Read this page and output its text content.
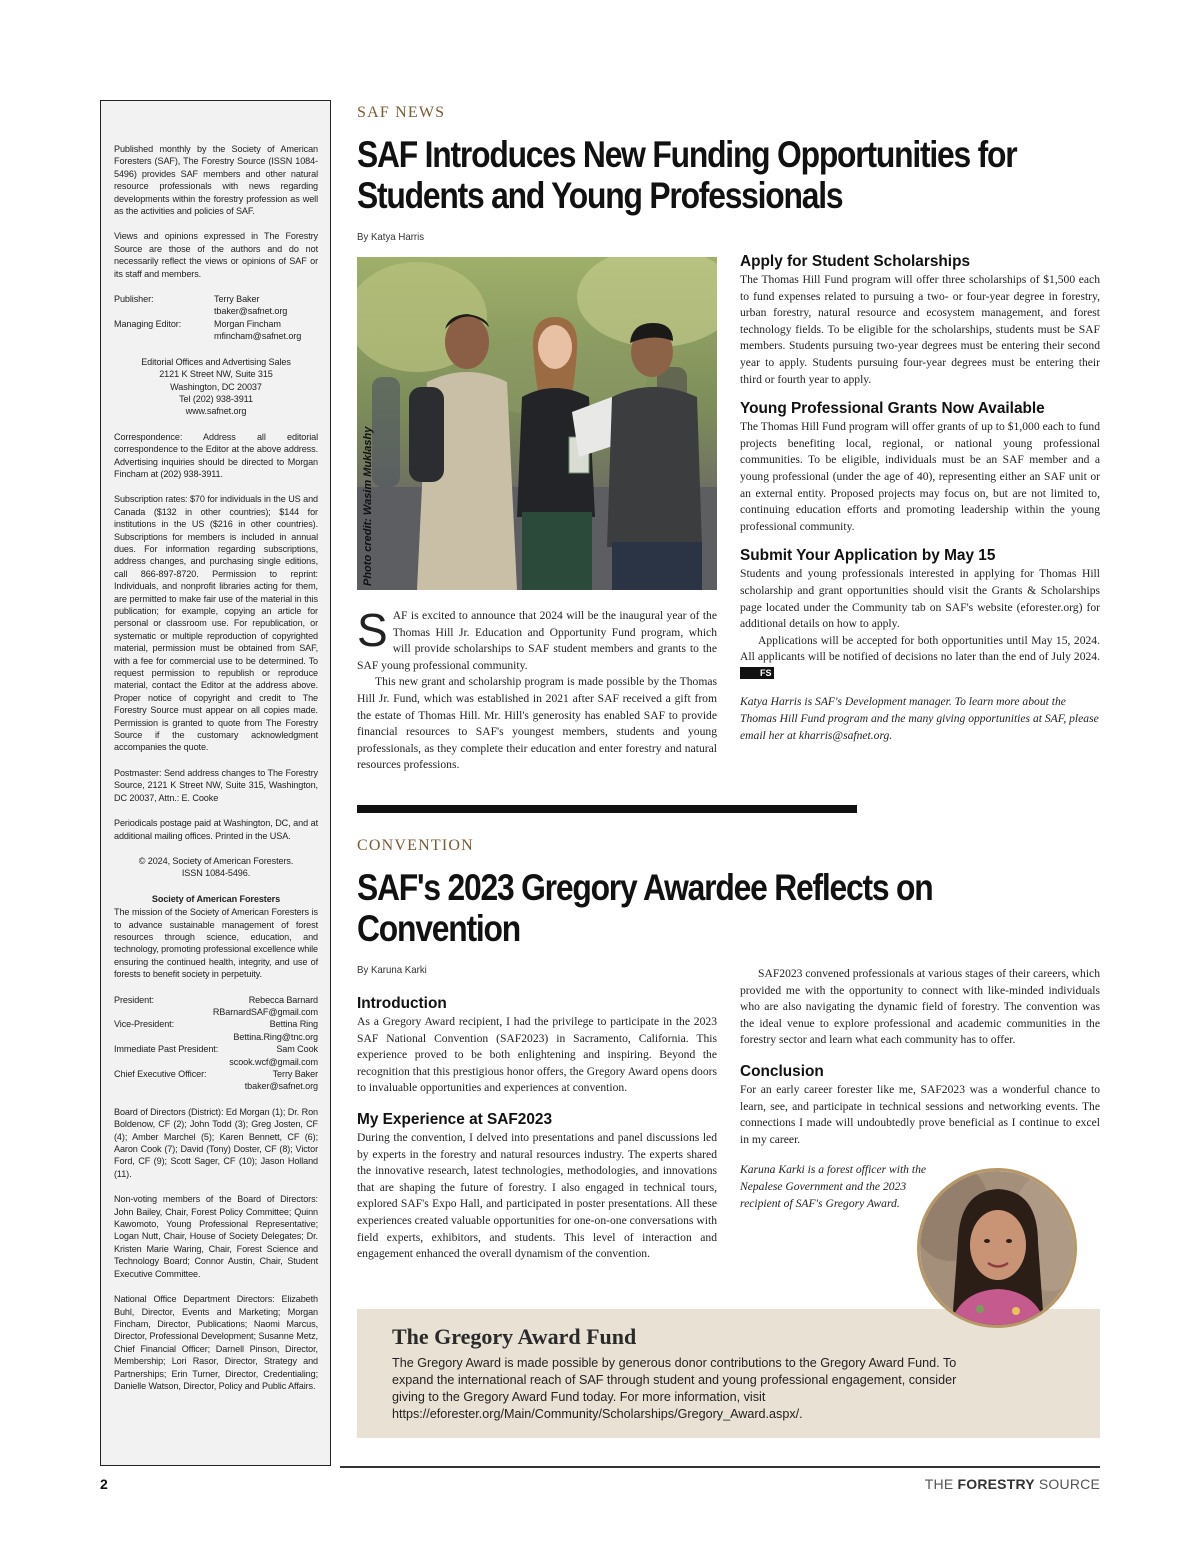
Published monthly by the Society of American Foresters (SAF), The Forestry Source (ISSN 1084-5496) provides SAF members and other natural resource professionals with news regarding developments within the forestry profession as well as the activities and policies of SAF.

Views and opinions expressed in The Forestry Source are those of the authors and do not necessarily reflect the views or opinions of SAF or its staff and members.

Publisher:	Terry Baker
tbaker@safnet.org
Managing Editor:	Morgan Fincham
mfincham@safnet.org
Editorial Offices and Advertising Sales
2121 K Street NW, Suite 315
Washington, DC 20037
Tel (202) 938-3911
www.safnet.org

Correspondence: Address all editorial correspondence to the Editor at the above address. Advertising inquiries should be directed to Morgan Fincham at (202) 938-3911.

Subscription rates: $70 for individuals in the US and Canada ($132 in other countries); $144 for institutions in the US ($216 in other countries). Subscriptions for members is included in annual dues. For information regarding subscriptions, address changes, and purchasing single editions, call 866-897-8720. Permission to reprint: Individuals, and nonprofit libraries acting for them, are permitted to make fair use of the material in this publication; for example, copying an article for personal or classroom use. For republication, or systematic or multiple reproduction of copyrighted material, permission must be obtained from SAF, with a fee for commercial use to be determined. To request permission to republish or reproduce material, contact the Editor at the address above. Proper notice of copyright and credit to The Forestry Source must appear on all copies made. Permission is granted to quote from The Forestry Source if the customary acknowledgment accompanies the quote.

Postmaster: Send address changes to The Forestry Source, 2121 K Street NW, Suite 315, Washington, DC 20037, Attn.: E. Cooke

Periodicals postage paid at Washington, DC, and at additional mailing offices. Printed in the USA.

© 2024, Society of American Foresters.
ISSN 1084-5496.
Society of American Foresters

The mission of the Society of American Foresters is to advance sustainable management of forest resources through science, education, and technology, promoting professional excellence while ensuring the continued health, integrity, and use of forests to benefit society in perpetuity.

President:	Rebecca Barnard
RBarnardSAF@gmail.com
Vice-President:	Bettina Ring
Bettina.Ring@tnc.org
Immediate Past President:	Sam Cook
scook.wcf@gmail.com
Chief Executive Officer:	Terry Baker
tbaker@safnet.org

Board of Directors (District): Ed Morgan (1); Dr. Ron Boldenow, CF (2); John Todd (3); Greg Josten, CF (4); Amber Marchel (5); Karen Bennett, CF (6); Aaron Cook (7); David (Tony) Doster, CF (8); Victor Ford, CF (9); Scott Sager, CF (10); Jason Holland (11).

Non-voting members of the Board of Directors: John Bailey, Chair, Forest Policy Committee; Quinn Kawomoto, Young Professional Representative; Logan Nutt, Chair, House of Society Delegates; Dr. Kristen Marie Waring, Chair, Forest Science and Technology Board; Connor Austin, Chair, Student Executive Committee.

National Office Department Directors: Elizabeth Buhl, Director, Events and Marketing; Morgan Fincham, Director, Publications; Naomi Marcus, Director, Professional Development; Susanne Metz, Chief Financial Officer; Darnell Pinson, Director, Membership; Lori Rasor, Director, Strategy and Partnerships; Erin Turner, Director, Credentialing; Danielle Watson, Director, Policy and Public Affairs.

SAF NEWS
SAF Introduces New Funding Opportunities for Students and Young Professionals
By Katya Harris
Photo credit: Wasim Muklashy

SAF is excited to announce that 2024 will be the inaugural year of the Thomas Hill Jr. Education and Opportunity Fund program, which will provide scholarships to SAF student members and grants to the SAF young professional community.

This new grant and scholarship program is made possible by the Thomas Hill Jr. Fund, which was established in 2021 after SAF received a gift from the estate of Thomas Hill. Mr. Hill's generosity has enabled SAF to provide financial resources to SAF's youngest members, students and young professionals, as they complete their education and enter forestry and natural resources professions.

Apply for Student Scholarships

The Thomas Hill Fund program will offer three scholarships of $1,500 each to fund expenses related to pursuing a two- or four-year degree in forestry, urban forestry, natural resource and ecosystem management, and forest technology fields. To be eligible for the scholarships, students must be SAF members. Students pursuing two-year degrees must be entering their second year to apply. Students pursuing four-year degrees must be entering their third or fourth year to apply.

Young Professional Grants Now Available

The Thomas Hill Fund program will offer grants of up to $1,000 each to fund projects benefiting local, regional, or national young professional communities. To be eligible, individuals must be an SAF member and a young professional (under the age of 40), representing either an SAF unit or an external entity. Proposed projects may focus on, but are not limited to, continuing education efforts and promoting leadership within the young professional community.

Submit Your Application by May 15

Students and young professionals interested in applying for Thomas Hill scholarship and grant opportunities should visit the Grants & Scholarships page located under the Community tab on SAF's website (eforester.org) for additional details on how to apply.

Applications will be accepted for both opportunities until May 15, 2024. All applicants will be notified of decisions no later than the end of July 2024. FS

Katya Harris is SAF's Development manager. To learn more about the Thomas Hill Fund program and the many giving opportunities at SAF, please email her at kharris@safnet.org.

CONVENTION
SAF's 2023 Gregory Awardee Reflects on Convention
By Karuna Karki
Introduction

As a Gregory Award recipient, I had the privilege to participate in the 2023 SAF National Convention (SAF2023) in Sacramento, California. This experience proved to be both enlightening and inspiring. Beyond the recognition that this prestigious honor offers, the Gregory Award opens doors to invaluable opportunities and experiences at convention.

My Experience at SAF2023

During the convention, I delved into presentations and panel discussions led by experts in the forestry and natural resources industry. The experts shared the innovative research, latest technologies, methodologies, and innovations that are shaping the future of forestry. I also engaged in technical tours, explored SAF's Expo Hall, and participated in poster presentations. All these experiences created valuable opportunities for one-on-one conversations with field experts, exhibitors, and students. This level of interaction and engagement enhanced the overall dynamism of the convention.

SAF2023 convened professionals at various stages of their careers, which provided me with the opportunity to connect with like-minded individuals who are also navigating the dynamic field of forestry. The convention was the ideal venue to explore professional and academic communities in the forestry sector and learn what each community has to offer.

Conclusion

For an early career forester like me, SAF2023 was a wonderful chance to learn, see, and participate in technical sessions and networking events. The connections I made will undoubtedly prove beneficial as I continue to excel in my career.

Karuna Karki is a forest officer with the Nepalese Government and the 2023 recipient of SAF's Gregory Award.

The Gregory Award Fund
The Gregory Award is made possible by generous donor contributions to the Gregory Award Fund. To expand the international reach of SAF through student and young professional engagement, consider giving to the Gregory Award Fund today. For more information, visit https://eforester.org/Main/Community/Scholarships/Gregory_Award.aspx/.
2	THE FORESTRY SOURCE
